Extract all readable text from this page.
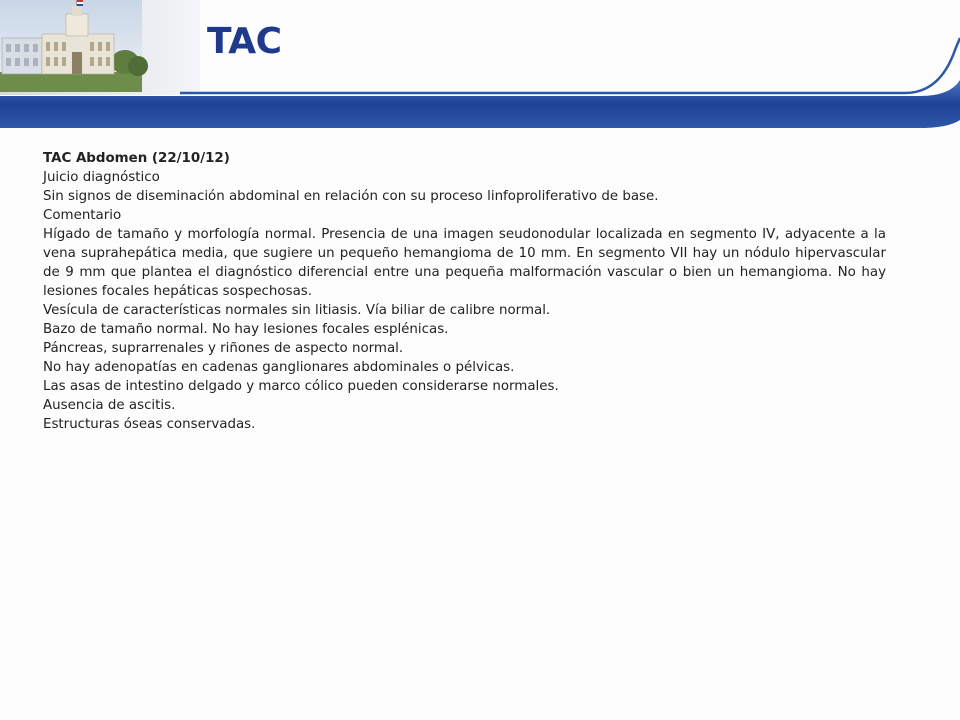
TAC

TAC Abdomen (22/10/12)

Juicio diagnóstico

Sin signos de diseminación abdominal en relación con su proceso linfoproliferativo de base.

Comentario

Hígado de tamaño y morfología normal. Presencia de una imagen seudonodular localizada en segmento IV, adyacente a la vena suprahepática media, que sugiere un pequeño hemangioma de 10 mm. En segmento VII hay un nódulo hipervascular de 9 mm que plantea el diagnóstico diferencial entre una pequeña malformación vascular o bien un hemangioma. No hay lesiones focales hepáticas sospechosas.

Vesícula de características normales sin litiasis. Vía biliar de calibre normal.

Bazo de tamaño normal. No hay lesiones focales esplénicas.

Páncreas, suprarrenales y riñones de aspecto normal.

No hay adenopatías en cadenas ganglionares abdominales o pélvicas.

Las asas de intestino delgado y marco cólico pueden considerarse normales.

Ausencia de ascitis.

Estructuras óseas conservadas.
